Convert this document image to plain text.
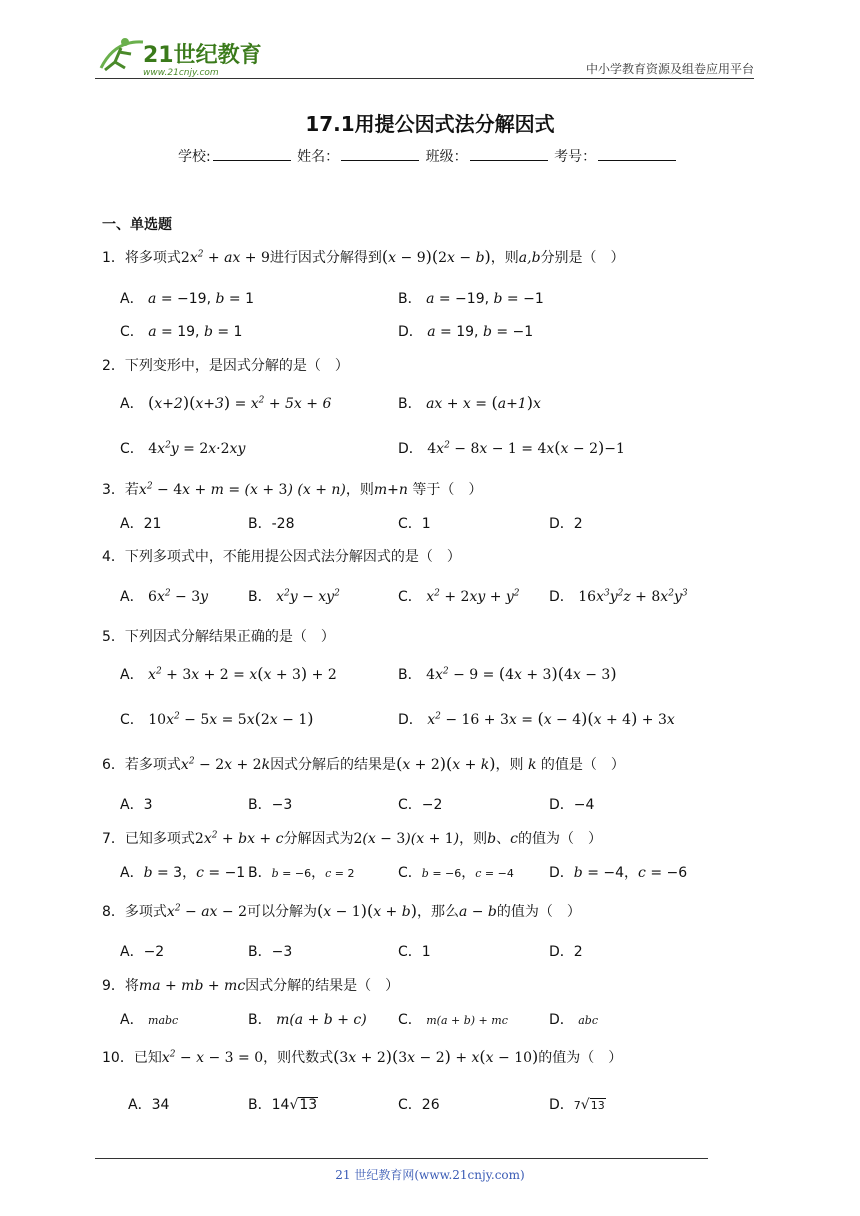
21世纪教育
www.21cnjy.com	中小学教育资源及组卷应用平台
17.1用提公因式法分解因式
学校:	姓名：	班级：	考号：
一、单选题
1．将多项式$2x^2$ + ax + 9进行因式分解得到(x − 9)(2x − b)，则a,b分别是（　）
A． a = −19, b = 1	B． a = −19, b = −1
C． a = 19, b = 1	D． a = 19, b = −1
2．下列变形中，是因式分解的是（　）
A． $(x+2)(x+3) = x^2 + 5x + 6$	B． ax + x = (a+1)x
C． $4x^2y = 2x\cdot 2xy$	D． $4x^2 - 8x - 1 = 4x(x - 2)-1$
3．若$x^2 - 4x + m = (x + 3) (x + n)$，则m+n 等于（　）
A．21	B．-28	C．1	D．2
4．下列多项式中，不能用提公因式法分解因式的是（　）
A． $6x^2 - 3y$	B． $x^2y - xy^2$	C． $x^2 + 2xy + y^2$ D． $16x^3y^2z + 8x^2y^3$
5．下列因式分解结果正确的是（　）
A． $x^2 + 3x + 2 = x(x + 3) + 2$	B． $4x^2 - 9 = (4x + 3)(4x - 3)$
C． $10x^2 - 5x = 5x(2x - 1)$	D． $x^2 - 16 + 3x = (x - 4)(x + 4) + 3x$
6．若多项式$x^2 - 2x + 2k$因式分解后的结果是(x + 2)(x + k)，则 k 的值是（　）
A．3	B．−3	C．−2	D．−4
7．已知多项式$2x^2$ + bx + c分解因式为2(x − 3)(x + 1)，则b、c的值为（　）
A．b = 3，c = −1 B．b = −6，c = 2	C．b = −6，c = −4	D．b = −4，c = −6
8．多项式$x^2$ − ax − 2可以分解为(x − 1)(x + b)，那么a − b的值为（　）
A．−2	B．−3	C．1	D．2
9．将ma + mb + mc因式分解的结果是（　）
A． mabc	B． m(a + b + c) C． m(a + b) + mc	D． abc
10．已知$x^2 - x - 3 = 0$，则代数式(3x + 2)(3x − 2) + x(x − 10)的值为（　）
A．34	B．14√13	C．26	D．7√13
21 世纪教育网(www.21cnjy.com)
